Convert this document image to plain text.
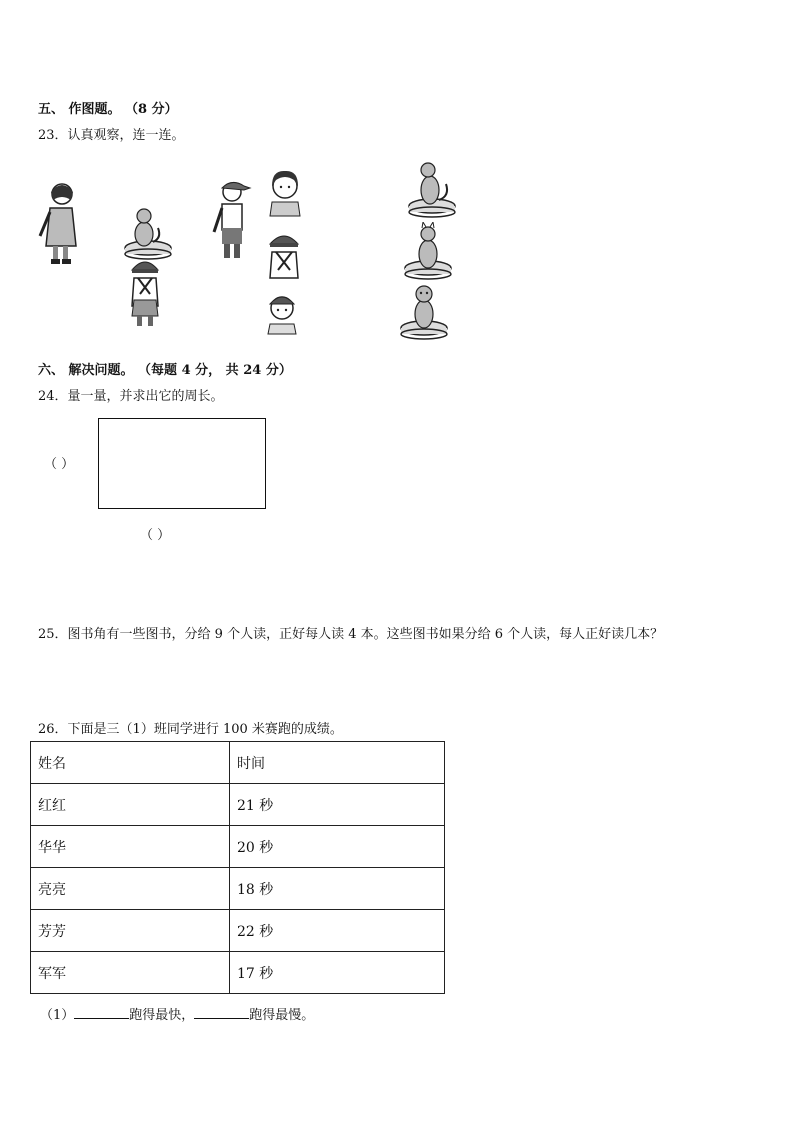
五、 作图题。 （8 分）
23．认真观察，连一连。
六、 解决问题。 （每题 4 分， 共 24 分）
24．量一量，并求出它的周长。
（ ）
（ ）
25．图书角有一些图书，分给 9 个人读，正好每人读 4 本。这些图书如果分给 6 个人读，每人正好读几本？
26．下面是三（1）班同学进行 100 米赛跑的成绩。
姓名	时间
红红	21 秒
华华	20 秒
亮亮	18 秒
芳芳	22 秒
军军	17 秒
（1）	跑得最快，	跑得最慢。
